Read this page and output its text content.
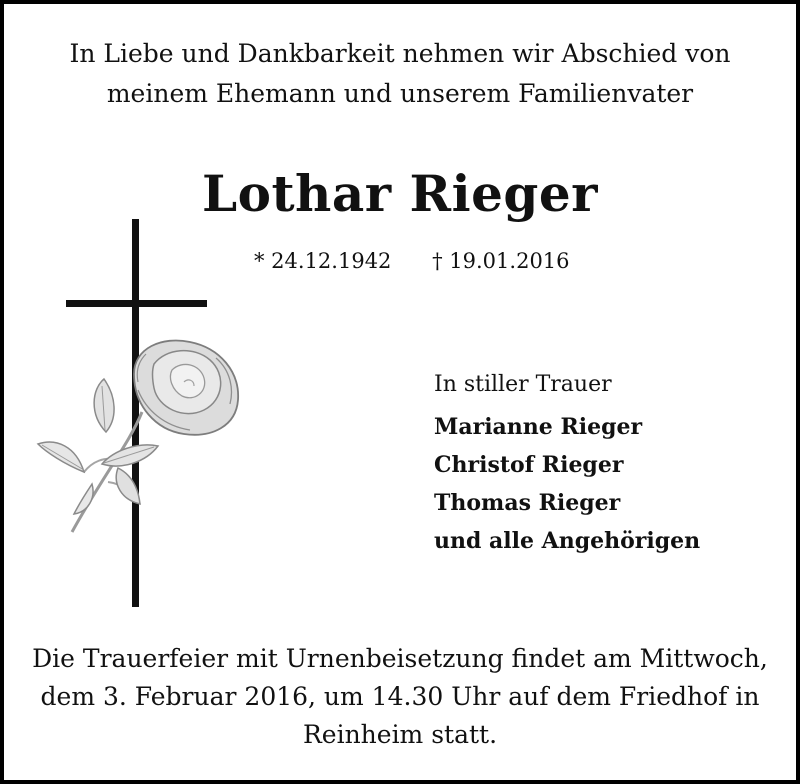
In Liebe und Dankbarkeit nehmen wir Abschied von
meinem Ehemann und unserem Familienvater
Lothar Rieger
* 24.12.1942 † 19.01.2016
In stiller Trauer
Marianne Rieger
Christof Rieger
Thomas Rieger
und alle Angehörigen
Die Trauerfeier mit Urnenbeisetzung findet am Mittwoch,
dem 3. Februar 2016, um 14.30 Uhr auf dem Friedhof in
Reinheim statt.
